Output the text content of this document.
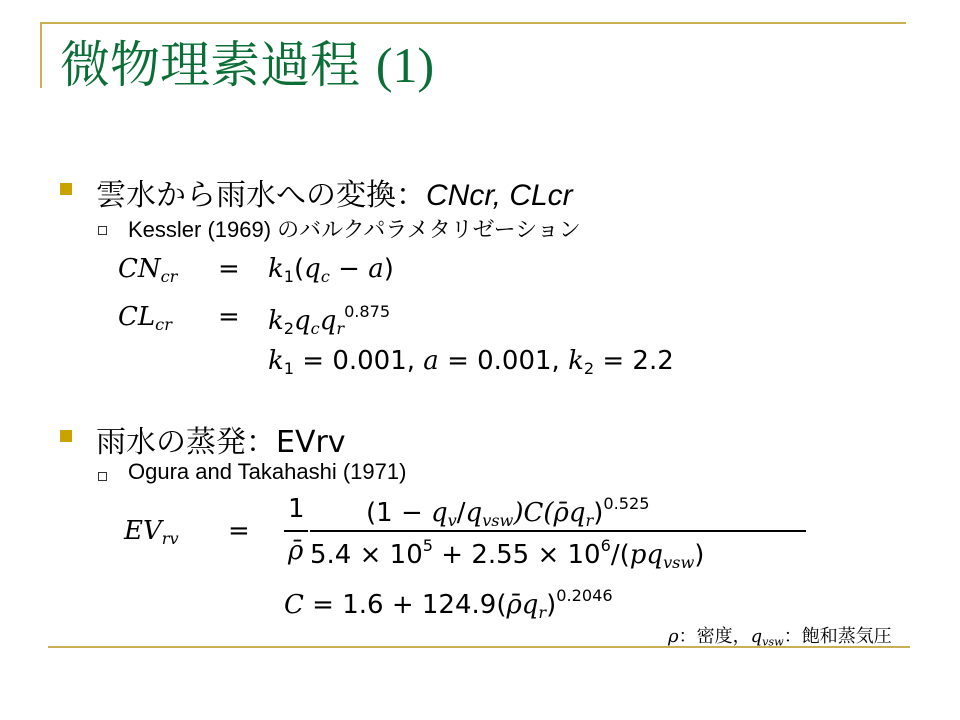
微物理素過程 (1)
雲水から雨水への変換：CNcr, CLcr
Kessler (1969) のバルクパラメタリゼーション
$CN_{cr} = k_1(q_c - a)$
$CL_{cr} = k_2q_cq_r^{0.875}$
$k_1 = 0.001$, a = 0.001, $k_2 = 2.2$
雨水の蒸発：EVrv
Ogura and Takahashi (1971)
$EV_{rv}$ =
1
ρ̄
$(1 - q_v/q_{vsw})C(\rhōq_r)^{0.525}$
$5.4 \times 10^5 + 2.55 \times 10^6/(pq_{vsw})$
$C = 1.6 + 124.9(\rhōq_r)^{0.2046}$
ρ：密度，$q_{vsw}$：飽和蒸気圧
